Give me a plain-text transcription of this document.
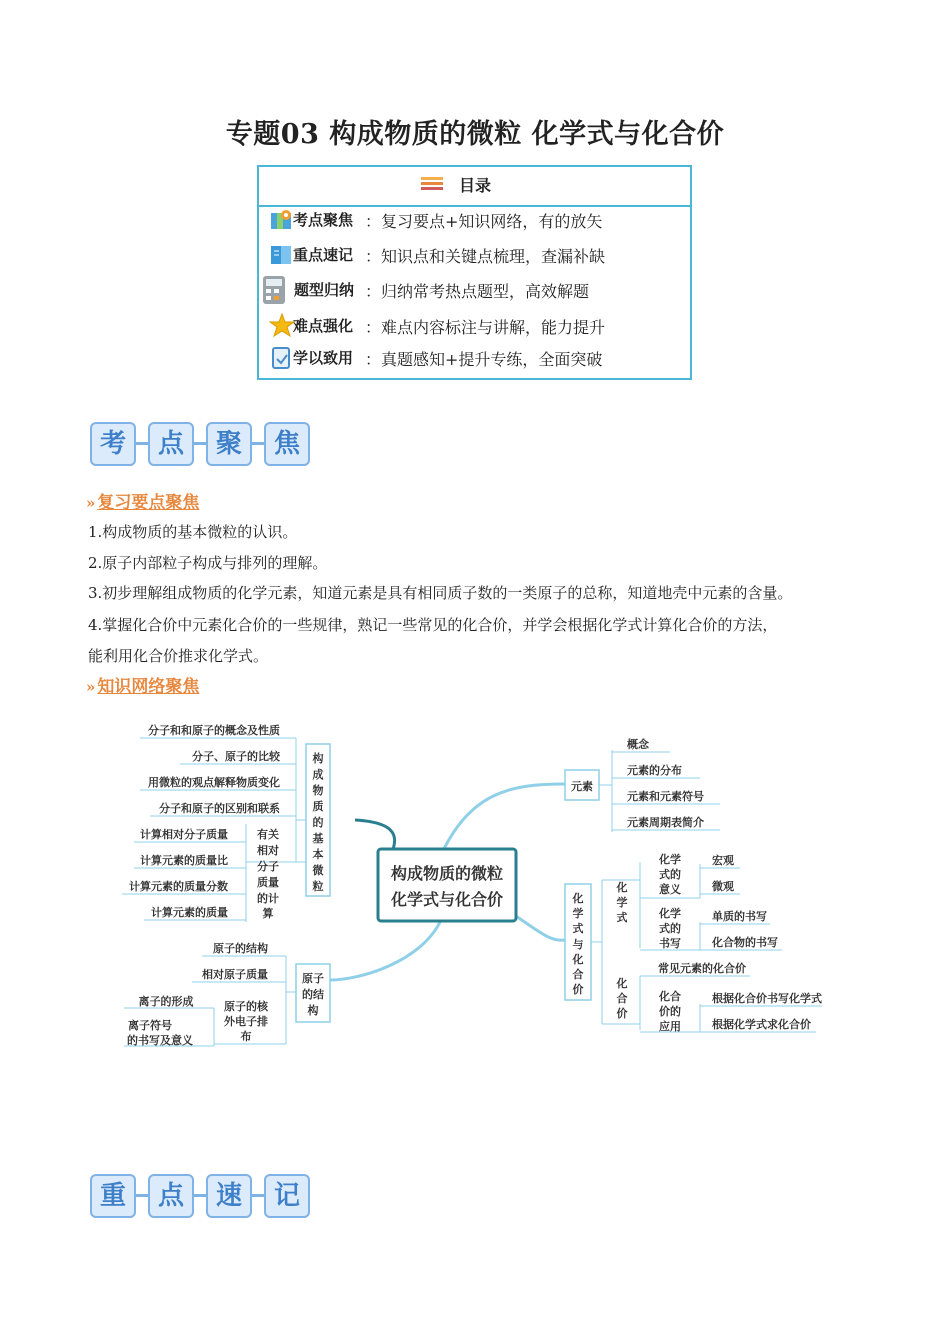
专题03 构成物质的微粒 化学式与化合价
目录
考点聚焦 ：复习要点+知识网络，有的放矢
重点速记 ：知识点和关键点梳理，查漏补缺
题型归纳 ：归纳常考热点题型，高效解题
难点强化 ：难点内容标注与讲解，能力提升
学以致用 ：真题感知+提升专练，全面突破
考	点	聚	焦
» 复习要点聚焦
1.构成物质的基本微粒的认识。
2.原子内部粒子构成与排列的理解。
3.初步理解组成物质的化学元素，知道元素是具有相同质子数的一类原子的总称，知道地壳中元素的含量。
4.掌握化合价中元素化合价的一些规律，熟记一些常见的化合价，并学会根据化学式计算化合价的方法，
能利用化合价推求化学式。
» 知识网络聚焦
构成物质的微粒
化学式与化合价
构
成
物
质
的
基
本
微
粒
分子和和原子的概念及性质
分子、原子的比较
用微粒的观点解释物质变化
分子和原子的区别和联系
有关
相对
分子
质量
的计
算
计算相对分子质量
计算元素的质量比
计算元素的质量分数
计算元素的质量
原子
的结
构
原子的结构
相对原子质量
原子的核
外电子排
布
离子的形成
离子符号
的书写及意义
元素
概念
元素的分布
元素和元素符号
元素周期表简介
化
学
式
与
化
合
价
化
学
式
化学
式的
意义
宏观
微观
化学
式的
书写
单质的书写
化合物的书写
化
合
价
常见元素的化合价
化合
价的
应用
根据化合价书写化学式
根据化学式求化合价
重	点	速	记
